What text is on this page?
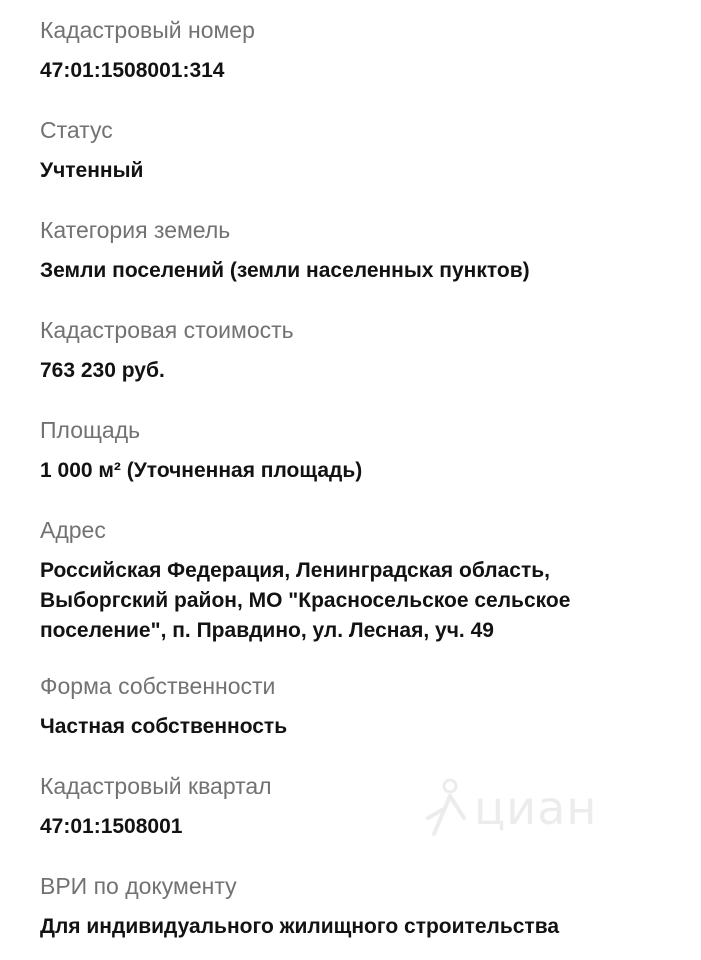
Кадастровый номер
47:01:1508001:314
Статус
Учтенный
Категория земель
Земли поселений (земли населенных пунктов)
Кадастровая стоимость
763 230 руб.
Площадь
1 000 м² (Уточненная площадь)
Адрес
Российская Федерация, Ленинградская область,
Выборгский район, МО "Красносельское сельское
поселение", п. Правдино, ул. Лесная, уч. 49
Форма собственности
Частная собственность
Кадастровый квартал
47:01:1508001
ВРИ по документу
Для индивидуального жилищного строительства
циан
